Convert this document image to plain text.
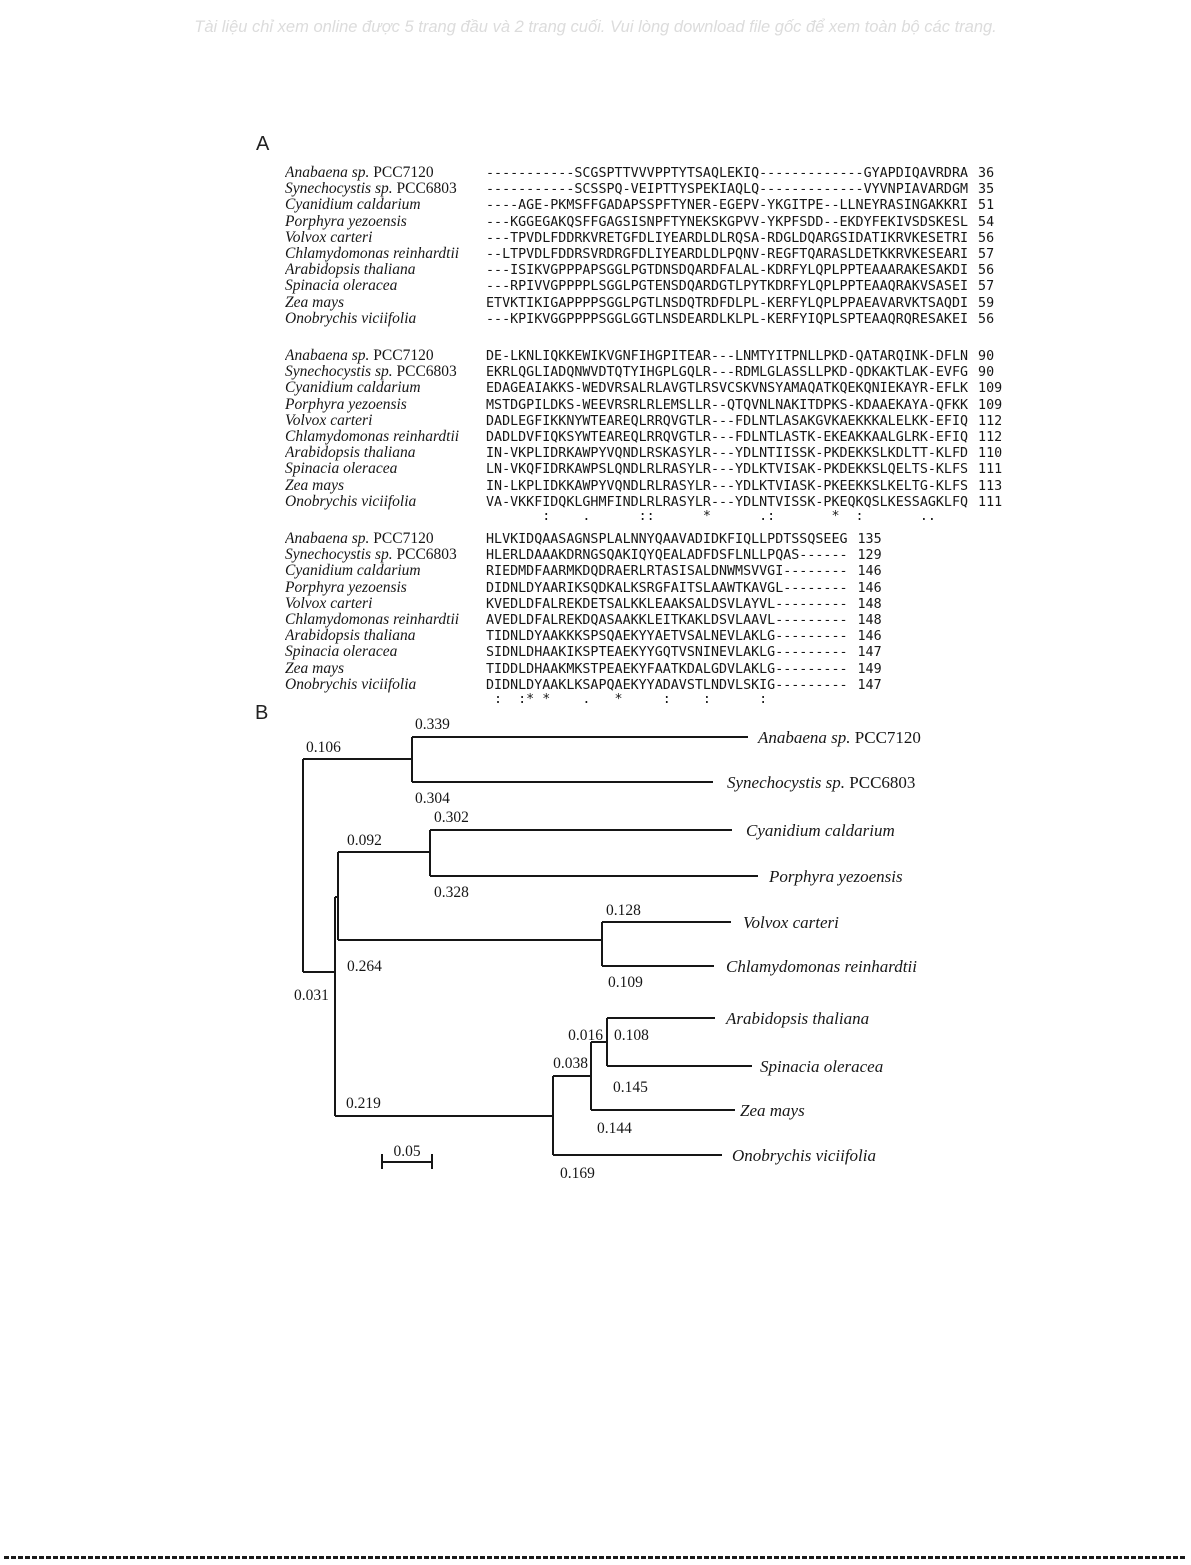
Tài liệu chỉ xem online được 5 trang đầu và 2 trang cuối. Vui lòng download file gốc để xem toàn bộ các trang.
A
Anabaena sp. PCC7120	-----------SCGSPTTVVVPPTYTSAQLEKIQ-------------GYAPDIQAVRDRA 36
Synechocystis sp. PCC6803	-----------SCSSPQ-VEIPTTYSPEKIAQLQ-------------VYVNPIAVARDGM 35
Cyanidium caldarium	----AGE-PKMSFFGADAPSSPFTYNER-EGEPV-YKGITPE--LLNEYRASINGAKKRI 51
Porphyra yezoensis	---KGGEGAKQSFFGAGSISNPFTYNEKSKGPVV-YKPFSDD--EKDYFEKIVSDSKESL 54
Volvox carteri	---TPVDLFDDRKVRETGFDLIYEARDLDLRQSA-RDGLDQARGSIDATIKRVKESETRI 56
Chlamydomonas reinhardtii	--LTPVDLFDDRSVRDRGFDLIYEARDLDLPQNV-REGFTQARASLDETKKRVKESEARI 57
Arabidopsis thaliana	---ISIKVGPPPAPSGGLPGTDNSDQARDFALAL-KDRFYLQPLPPTEAAARAKESAKDI 56
Spinacia oleracea	---RPIVVGPPPPLSGGLPGTENSDQARDGTLPYTKDRFYLQPLPPTEAAQRAKVSASEI 57
Zea mays	ETVKTIKIGAPPPPSGGLPGTLNSDQTRDFDLPL-KERFYLQPLPPAEAVARVKTSAQDI 59
Onobrychis viciifolia	---KPIKVGGPPPPSGGLGGTLNSDEARDLKLPL-KERFYIQPLSPTEAAQRQRESAKEI 56
Anabaena sp. PCC7120	DE-LKNLIQKKEWIKVGNFIHGPITEAR---LNMTYITPNLLPKD-QATARQINK-DFLN 90
Synechocystis sp. PCC6803	EKRLQGLIADQNWVDTQTYIHGPLGQLR---RDMLGLASSLLPKD-QDKAKTLAK-EVFG 90
Cyanidium caldarium	EDAGEAIAKKS-WEDVRSALRLAVGTLRSVCSKVNSYAMAQATKQEKQNIEKAYR-EFLK 109
Porphyra yezoensis	MSTDGPILDKS-WEEVRSRLRLEMSLLR--QTQVNLNAKITDPKS-KDAAEKAYA-QFKK 109
Volvox carteri	DADLEGFIKKNYWTEAREQLRRQVGTLR---FDLNTLASAKGVKAEKKKALELKK-EFIQ 112
Chlamydomonas reinhardtii	DADLDVFIQKSYWTEAREQLRRQVGTLR---FDLNTLASTK-EKEAKKAALGLRK-EFIQ 112
Arabidopsis thaliana	IN-VKPLIDRKAWPYVQNDLRSKASYLR---YDLNTIISSK-PKDEKKSLKDLTT-KLFD 110
Spinacia oleracea	LN-VKQFIDRKAWPSLQNDLRLRASYLR---YDLKTVISAK-PKDEKKSLQELTS-KLFS 111
Zea mays	IN-LKPLIDKKAWPYVQNDLRLRASYLR---YDLKTVIASK-PKEEKKSLKELTG-KLFS 113
Onobrychis viciifolia	VA-VKKFIDQKLGHMFINDLRLRASYLR---YDLNTVISSK-PKEQKQSLKESSAGKLFQ 111
:    .      ::      *      .:       *  :       ..
Anabaena sp. PCC7120	HLVKIDQAASAGNSPLALNNYQAAVADIDKFIQLLPDTSSQSEEG 135
Synechocystis sp. PCC6803	HLERLDAAAKDRNGSQAKIQYQEALADFDSFLNLLPQAS------ 129
Cyanidium caldarium	RIEDMDFAARMKDQDRAERLRTASISALDNWMSVVGI-------- 146
Porphyra yezoensis	DIDNLDYAARIKSQDKALKSRGFAITSLAAWTKAVGL-------- 146
Volvox carteri	KVEDLDFALREKDETSALKKLEAAKSALDSVLAYVL--------- 148
Chlamydomonas reinhardtii	AVEDLDFALREKDQASAAKKLEITKAKLDSVLAAVL--------- 148
Arabidopsis thaliana	TIDNLDYAAKKKSPSQAEKYYAETVSALNEVLAKLG--------- 146
Spinacia oleracea	SIDNLDHAAKIKSPTEAEKYYGQTVSNINEVLAKLG--------- 147
Zea mays	TIDDLDHAAKMKSTPEAEKYFAATKDALGDVLAKLG--------- 149
Onobrychis viciifolia	DIDNLDYAAKLKSAPQAEKYYADAVSTLNDVLSKIG--------- 147
:  :* *    .   *     :    :      :
B
0.339
0.106
0.304
0.302
0.092
0.328
0.128
0.264
0.109
0.031
0.016 0.108
0.038
0.145
0.219
0.144
0.169
Anabaena sp. PCC7120
Synechocystis sp. PCC6803
Cyanidium caldarium
Porphyra yezoensis
Volvox carteri
Chlamydomonas reinhardtii
Arabidopsis thaliana
Spinacia oleracea
Zea mays
Onobrychis viciifolia
0.05
